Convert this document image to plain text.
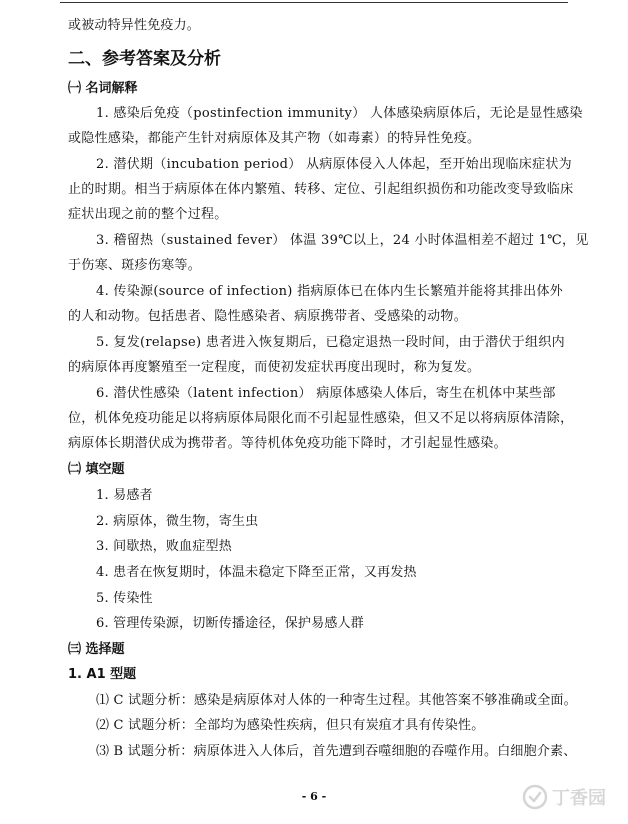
或被动特异性免疫力。
二、参考答案及分析
㈠ 名词解释
1. 感染后免疫（postinfection immunity） 人体感染病原体后，无论是显性感染
或隐性感染，都能产生针对病原体及其产物（如毒素）的特异性免疫。
2. 潜伏期（incubation period） 从病原体侵入人体起，至开始出现临床症状为
止的时期。相当于病原体在体内繁殖、转移、定位、引起组织损伤和功能改变导致临床
症状出现之前的整个过程。
3. 稽留热（sustained fever） 体温 39℃以上，24 小时体温相差不超过 1℃，见
于伤寒、斑疹伤寒等。
4. 传染源(source of infection) 指病原体已在体内生长繁殖并能将其排出体外
的人和动物。包括患者、隐性感染者、病原携带者、受感染的动物。
5. 复发(relapse) 患者进入恢复期后，已稳定退热一段时间，由于潜伏于组织内
的病原体再度繁殖至一定程度，而使初发症状再度出现时，称为复发。
6. 潜伏性感染（latent infection） 病原体感染人体后，寄生在机体中某些部
位，机体免疫功能足以将病原体局限化而不引起显性感染，但又不足以将病原体清除，
病原体长期潜伏成为携带者。等待机体免疫功能下降时，才引起显性感染。
㈡ 填空题
1. 易感者
2. 病原体，微生物，寄生虫
3. 间歇热，败血症型热
4. 患者在恢复期时，体温未稳定下降至正常，又再发热
5. 传染性
6. 管理传染源，切断传播途径，保护易感人群
㈢ 选择题
1. A1 型题
⑴ C 试题分析：感染是病原体对人体的一种寄生过程。其他答案不够准确或全面。
⑵ C 试题分析：全部均为感染性疾病，但只有炭疽才具有传染性。
⑶ B 试题分析：病原体进入人体后，首先遭到吞噬细胞的吞噬作用。白细胞介素、
- 6 -	丁香园
